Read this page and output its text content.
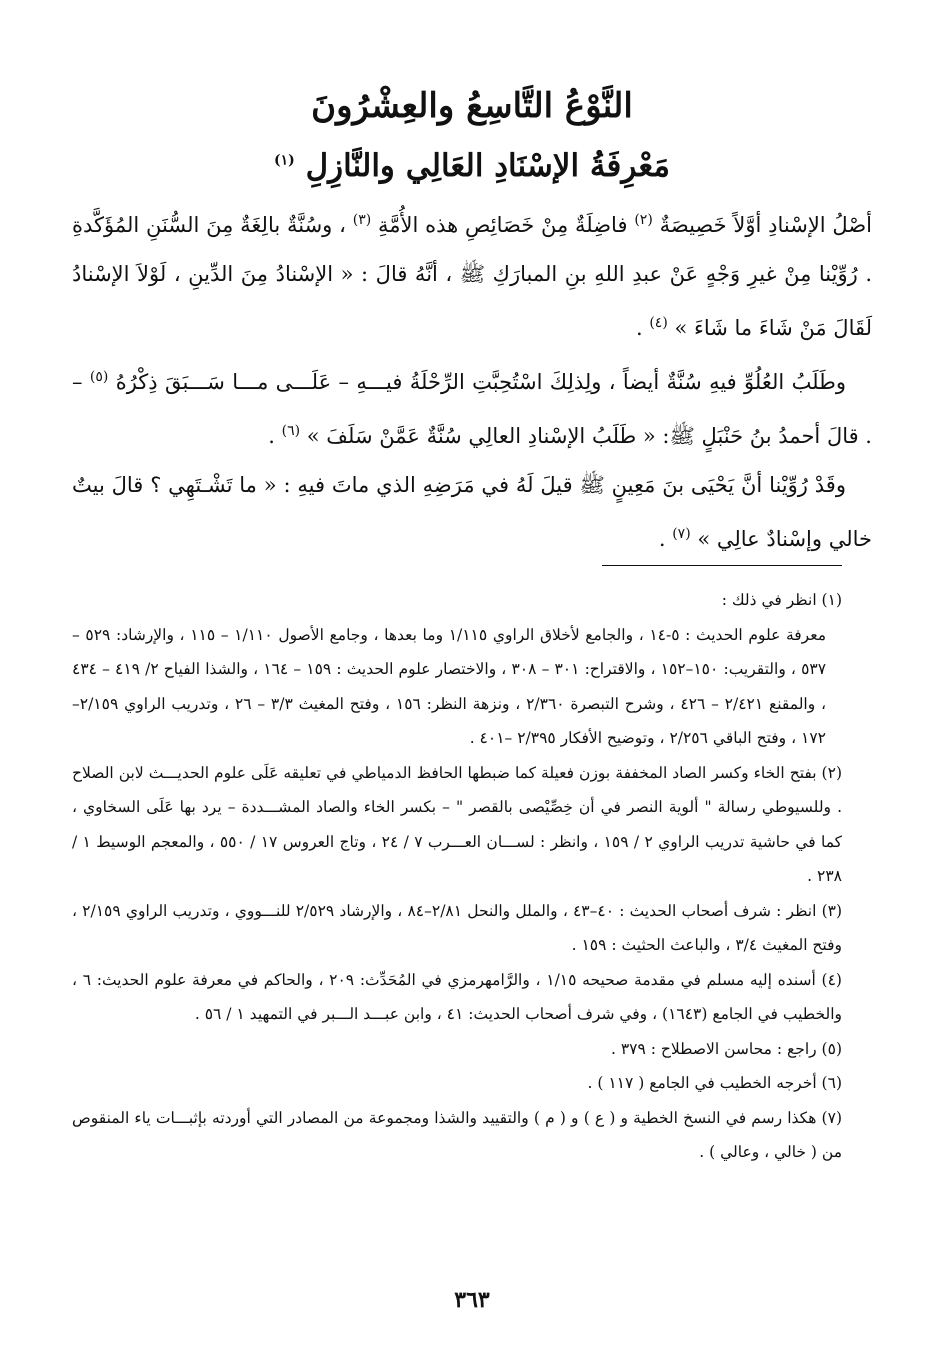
النَّوْعُ التَّاسِعُ والعِشْرُونَ
مَعْرِفَةُ الإسْنَادِ العَالِي والنَّازِلِ $^{(١)}$

أصْلُ الإسْنادِ أوَّلاً خَصِيصَةٌ $^{(٢)}$ فاضِلَةٌ مِنْ خَصَائِصِ هذه الأُمَّةِ $^{(٣)}$ ، وسُنَّةٌ بالِغَةٌ مِنَ السُّنَنِ المُؤَكَّدةِ . رُوِّيْنا مِنْ غيرِ وَجْهٍ عَنْ عبدِ اللهِ بنِ المبارَكِ ﷺ ، أنَّهُ قالَ : « الإسْنادُ مِنَ الدِّينِ ، لَوْلاَ الإسْنادُ لَقَالَ مَنْ شَاءَ ما شَاءَ » $^{(٤)}$ .

وطَلَبُ العُلُوِّ فيهِ سُنَّةٌ أيضاً ، ولِذلِكَ اسْتُحِبَّتِ الرِّحْلَةُ فيـــهِ – عَلَـــى مـــا سَـــبَقَ ذِكْرُهُ $^{(٥)}$ – . قالَ أحمدُ بنُ حَنْبَلٍ ﷺ: « طَلَبُ الإسْنادِ العالِي سُنَّةٌ عَمَّنْ سَلَفَ » $^{(٦)}$ .

وقَدْ رُوِّيْنا أنَّ يَحْيَى بنَ مَعِينٍ ﷺ قيلَ لَهُ في مَرَضِهِ الذي ماتَ فيهِ : « ما تَشْـتَهِي ؟ قالَ بيتٌ خالي وإسْنادٌ عالِي » $^{(٧)}$ .

(١) انظر في ذلك :

معرفة علوم الحديث : ٥-١٤ ، والجامع لأخلاق الراوي ١/١١٥ وما بعدها ، وجامع الأصول ١/١١٠ – ١١٥ ، والإرشاد: ٥٢٩ – ٥٣٧ ، والتقريب: ١٥٠–١٥٢ ، والاقتراح: ٣٠١ – ٣٠٨ ، والاختصار علوم الحديث : ١٥٩ – ١٦٤ ، والشذا الفياح ٢/ ٤١٩ – ٤٣٤ ، والمقنع ٢/٤٢١ – ٤٢٦ ، وشرح التبصرة ٢/٣٦٠ ، ونزهة النظر: ١٥٦ ، وفتح المغيث ٣/٣ – ٢٦ ، وتدريب الراوي ٢/١٥٩–١٧٢ ، وفتح الباقي ٢/٢٥٦ ، وتوضيح الأفكار ٢/٣٩٥ –٤٠١ .

(٢) بفتح الخاء وكسر الصاد المخففة بوزن فعيلة كما ضبطها الحافظ الدمياطي في تعليقه عَلَى علوم الحديـــث لابن الصلاح . وللسيوطي رسالة " ألوية النصر في أن خِصِّيْصى بالقصر " – بكسر الخاء والصاد المشـــددة – يرد بها عَلَى السخاوي ، كما في حاشية تدريب الراوي ٢ / ١٥٩ ، وانظر : لســـان العـــرب ٧ / ٢٤ ، وتاج العروس ١٧ / ٥٥٠ ، والمعجم الوسيط ١ / ٢٣٨ .

(٣) انظر : شرف أصحاب الحديث : ٤٠–٤٣ ، والملل والنحل ٢/٨١–٨٤ ، والإرشاد ٢/٥٢٩ للنـــووي ، وتدريب الراوي ٢/١٥٩ ، وفتح المغيث ٣/٤ ، والباعث الحثيث : ١٥٩ .

(٤) أسنده إليه مسلم في مقدمة صحيحه ١/١٥ ، والرَّامهرمزي في المُحَدِّث: ٢٠٩ ، والحاكم في معرفة علوم الحديث: ٦ ، والخطيب في الجامع (١٦٤٣) ، وفي شرف أصحاب الحديث: ٤١ ، وابن عبـــد الـــبر في التمهيد ١ / ٥٦ .

(٥) راجع : محاسن الاصطلاح : ٣٧٩ .

(٦) أخرجه الخطيب في الجامع ( ١١٧ ) .

(٧) هكذا رسم في النسخ الخطية و ( ع ) و ( م ) والتقييد والشذا ومجموعة من المصادر التي أوردته بإثبـــات ياء المنقوص من ( خالي ، وعالي ) .

٣٦٣
